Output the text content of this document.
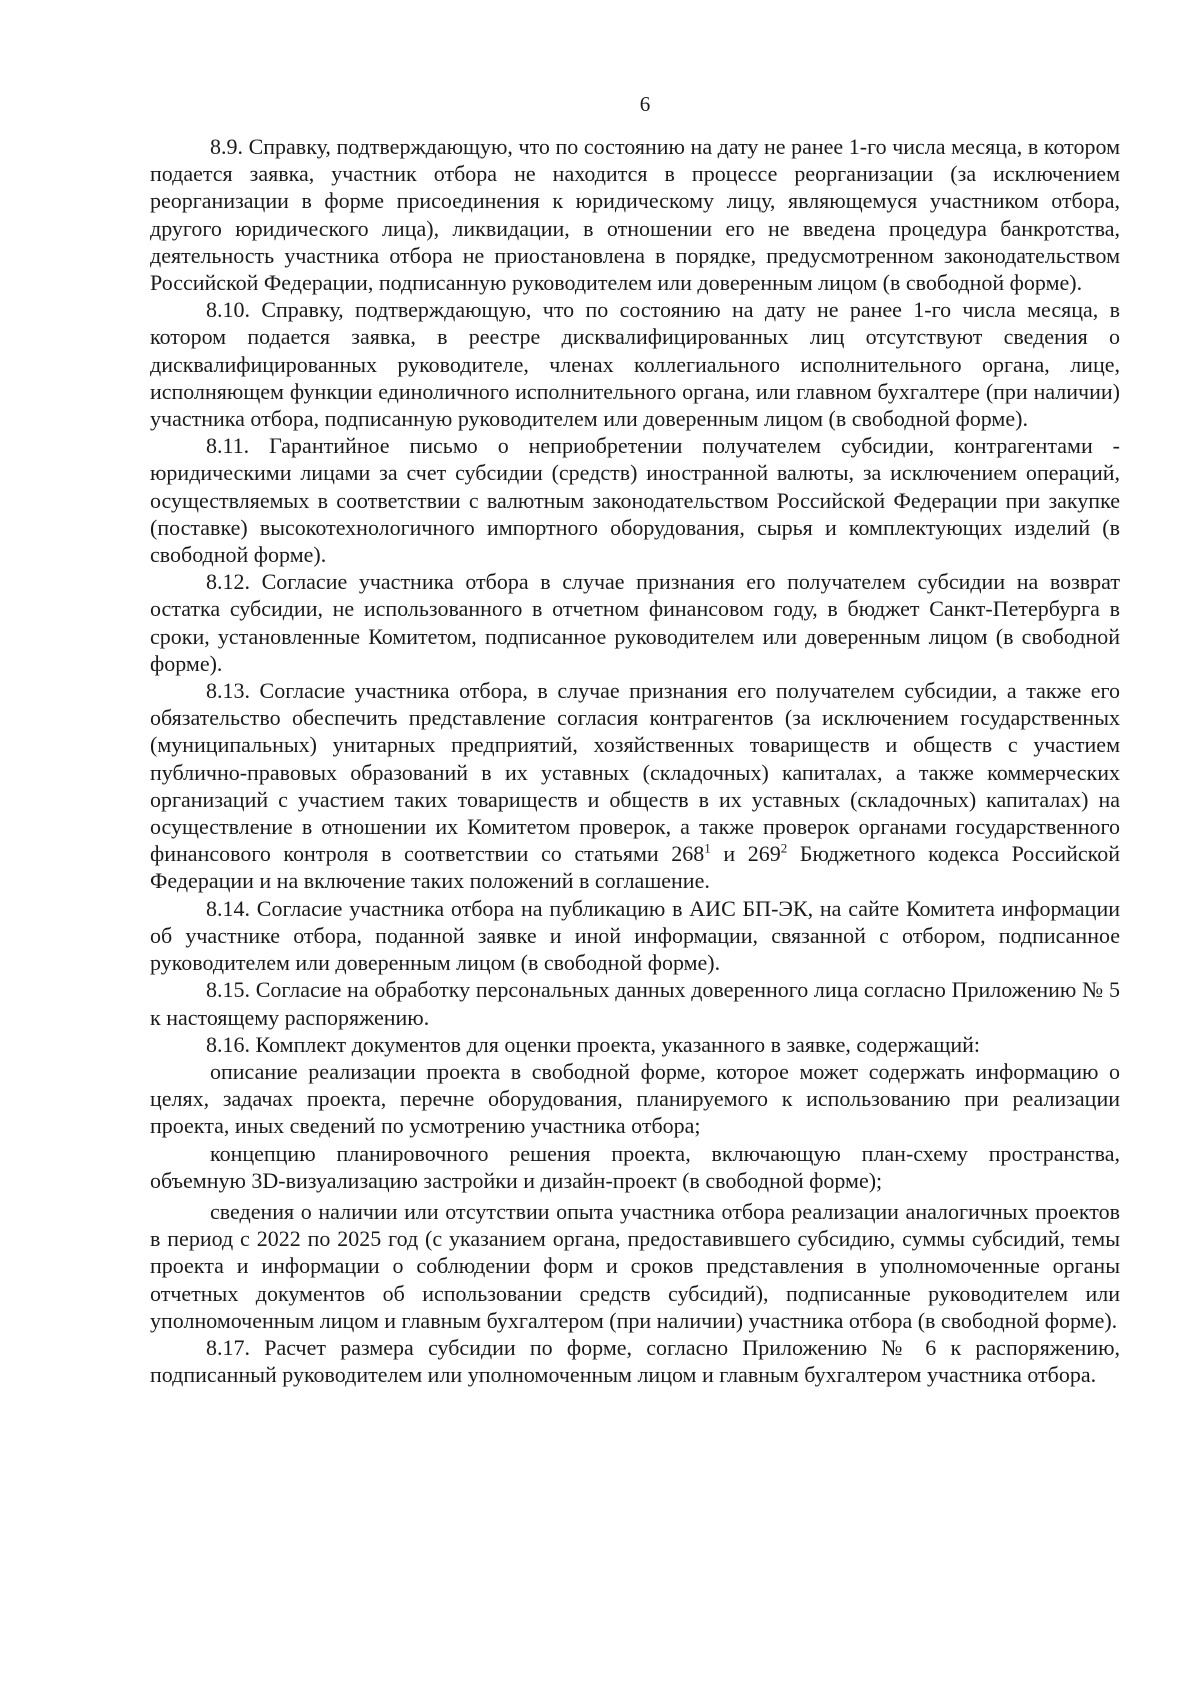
6

8.9. Справку, подтверждающую, что по состоянию на дату не ранее 1-го числа месяца, в котором подается заявка, участник отбора не находится в процессе реорганизации (за исключением реорганизации в форме присоединения к юридическому лицу, являющемуся участником отбора, другого юридического лица), ликвидации, в отношении его не введена процедура банкротства, деятельность участника отбора не приостановлена в порядке, предусмотренном законодательством Российской Федерации, подписанную руководителем или доверенным лицом (в свободной форме).

8.10. Справку, подтверждающую, что по состоянию на дату не ранее 1-го числа месяца, в котором подается заявка, в реестре дисквалифицированных лиц отсутствуют сведения о дисквалифицированных руководителе, членах коллегиального исполнительного органа, лице, исполняющем функции единоличного исполнительного органа, или главном бухгалтере (при наличии) участника отбора, подписанную руководителем или доверенным лицом (в свободной форме).

8.11. Гарантийное письмо о неприобретении получателем субсидии, контрагентами - юридическими лицами за счет субсидии (средств) иностранной валюты, за исключением операций, осуществляемых в соответствии с валютным законодательством Российской Федерации при закупке (поставке) высокотехнологичного импортного оборудования, сырья и комплектующих изделий (в свободной форме).

8.12. Согласие участника отбора в случае признания его получателем субсидии на возврат остатка субсидии, не использованного в отчетном финансовом году, в бюджет Санкт-Петербурга в сроки, установленные Комитетом, подписанное руководителем или доверенным лицом (в свободной форме).

8.13. Согласие участника отбора, в случае признания его получателем субсидии, а также его обязательство обеспечить представление согласия контрагентов (за исключением государственных (муниципальных) унитарных предприятий, хозяйственных товариществ и обществ с участием публично-правовых образований в их уставных (складочных) капиталах, а также коммерческих организаций с участием таких товариществ и обществ в их уставных (складочных) капиталах) на осуществление в отношении их Комитетом проверок, а также проверок органами государственного финансового контроля в соответствии со статьями $268^1$ и $269^2$ Бюджетного кодекса Российской Федерации и на включение таких положений в соглашение.

8.14. Согласие участника отбора на публикацию в АИС БП-ЭК, на сайте Комитета информации об участнике отбора, поданной заявке и иной информации, связанной с отбором, подписанное руководителем или доверенным лицом (в свободной форме).

8.15. Согласие на обработку персональных данных доверенного лица согласно Приложению № 5 к настоящему распоряжению.

8.16. Комплект документов для оценки проекта, указанного в заявке, содержащий:

описание реализации проекта в свободной форме, которое может содержать информацию о целях, задачах проекта, перечне оборудования, планируемого к использованию при реализации проекта, иных сведений по усмотрению участника отбора;

концепцию планировочного решения проекта, включающую план-схему пространства, объемную 3D-визуализацию застройки и дизайн-проект (в свободной форме);

сведения о наличии или отсутствии опыта участника отбора реализации аналогичных проектов в период с 2022 по 2025 год (с указанием органа, предоставившего субсидию, суммы субсидий, темы проекта и информации о соблюдении форм и сроков представления в уполномоченные органы отчетных документов об использовании средств субсидий), подписанные руководителем или уполномоченным лицом и главным бухгалтером (при наличии) участника отбора (в свободной форме).

8.17. Расчет размера субсидии по форме, согласно Приложению № 6 к распоряжению, подписанный руководителем или уполномоченным лицом и главным бухгалтером участника отбора.
